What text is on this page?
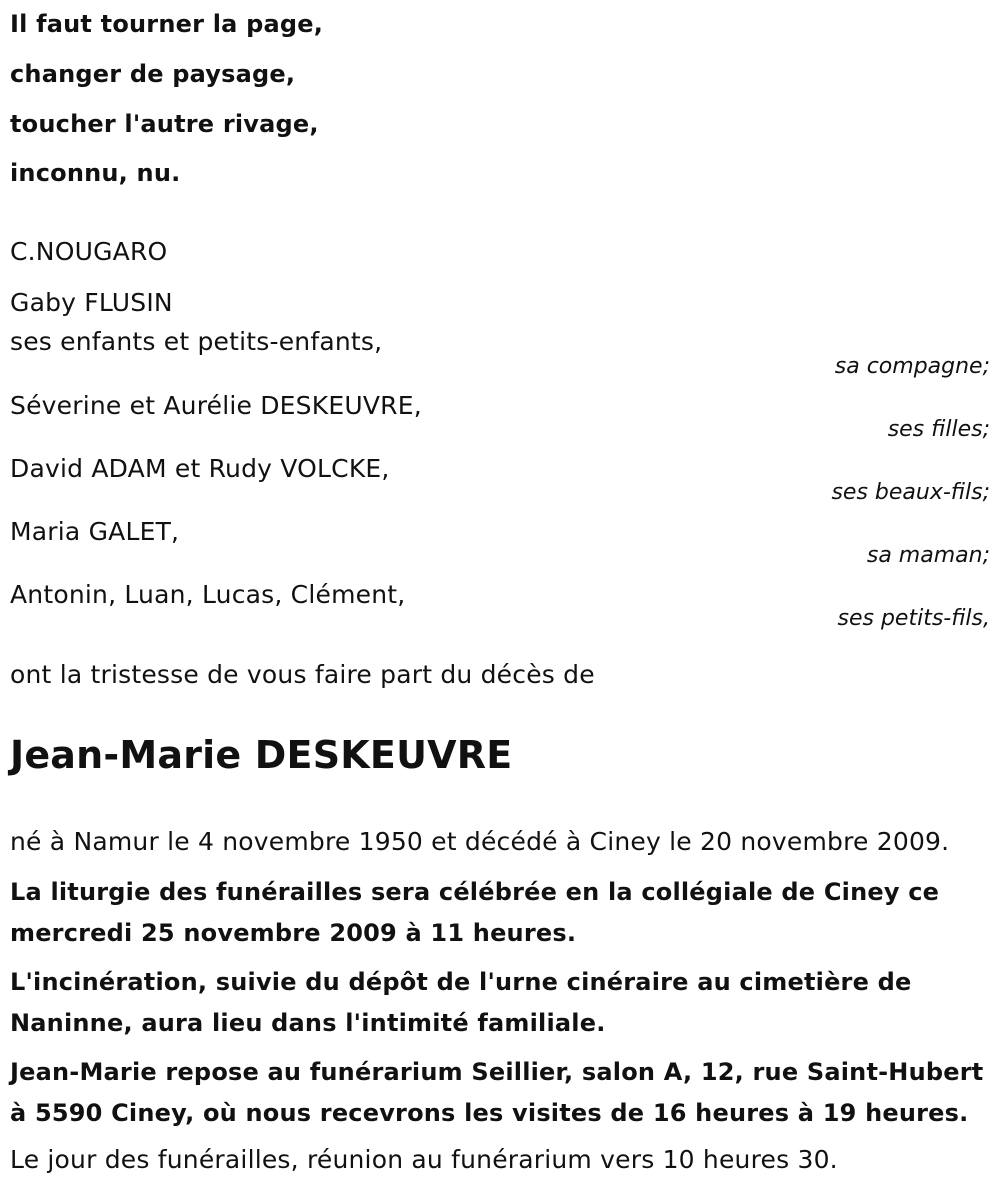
Il faut tourner la page,
changer de paysage,
toucher l'autre rivage,
inconnu, nu.
C.NOUGARO
Gaby FLUSIN
ses enfants et petits-enfants,
sa compagne;
Séverine et Aurélie DESKEUVRE,
ses filles;
David ADAM et Rudy VOLCKE,
ses beaux-fils;
Maria GALET,
sa maman;
Antonin, Luan, Lucas, Clément,
ses petits-fils,
ont la tristesse de vous faire part du décès de
Jean-Marie DESKEUVRE
né à Namur le 4 novembre 1950 et décédé à Ciney le 20 novembre 2009.
La liturgie des funérailles sera célébrée en la collégiale de Ciney ce mercredi 25 novembre 2009 à 11 heures.
L'incinération, suivie du dépôt de l'urne cinéraire au cimetière de Naninne, aura lieu dans l'intimité familiale.
Jean-Marie repose au funérarium Seillier, salon A, 12, rue Saint-Hubert à 5590 Ciney, où nous recevrons les visites de 16 heures à 19 heures.
Le jour des funérailles, réunion au funérarium vers 10 heures 30.
